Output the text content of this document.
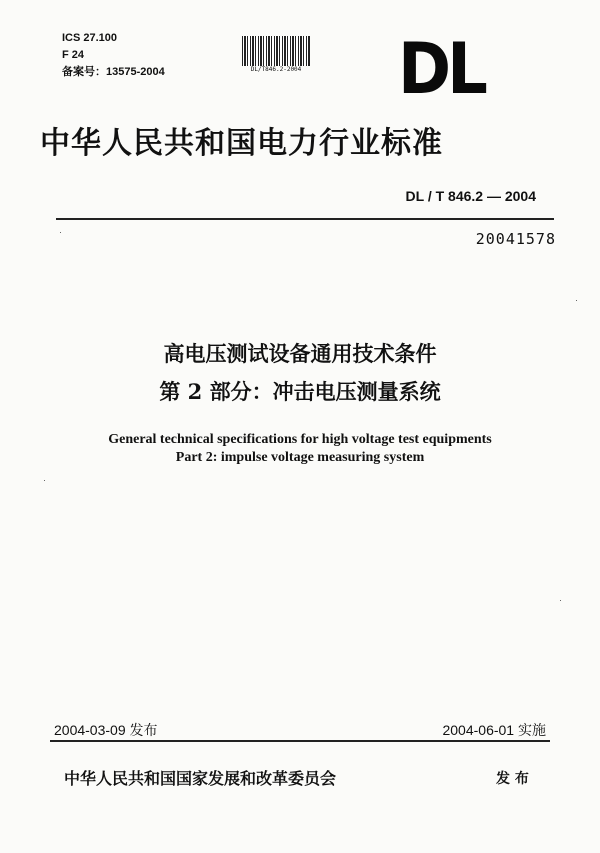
ICS 27.100
F 24
备案号：13575-2004	DL/T846.2-2004 DL
中华人民共和国电力行业标准
DL / T 846.2 — 2004
20041578
高电压测试设备通用技术条件
第 2 部分：冲击电压测量系统
General technical specifications for high voltage test equipments
Part 2: impulse voltage measuring system
2004-03-09 发布	2004-06-01 实施
中华人民共和国国家发展和改革委员会	发 布
